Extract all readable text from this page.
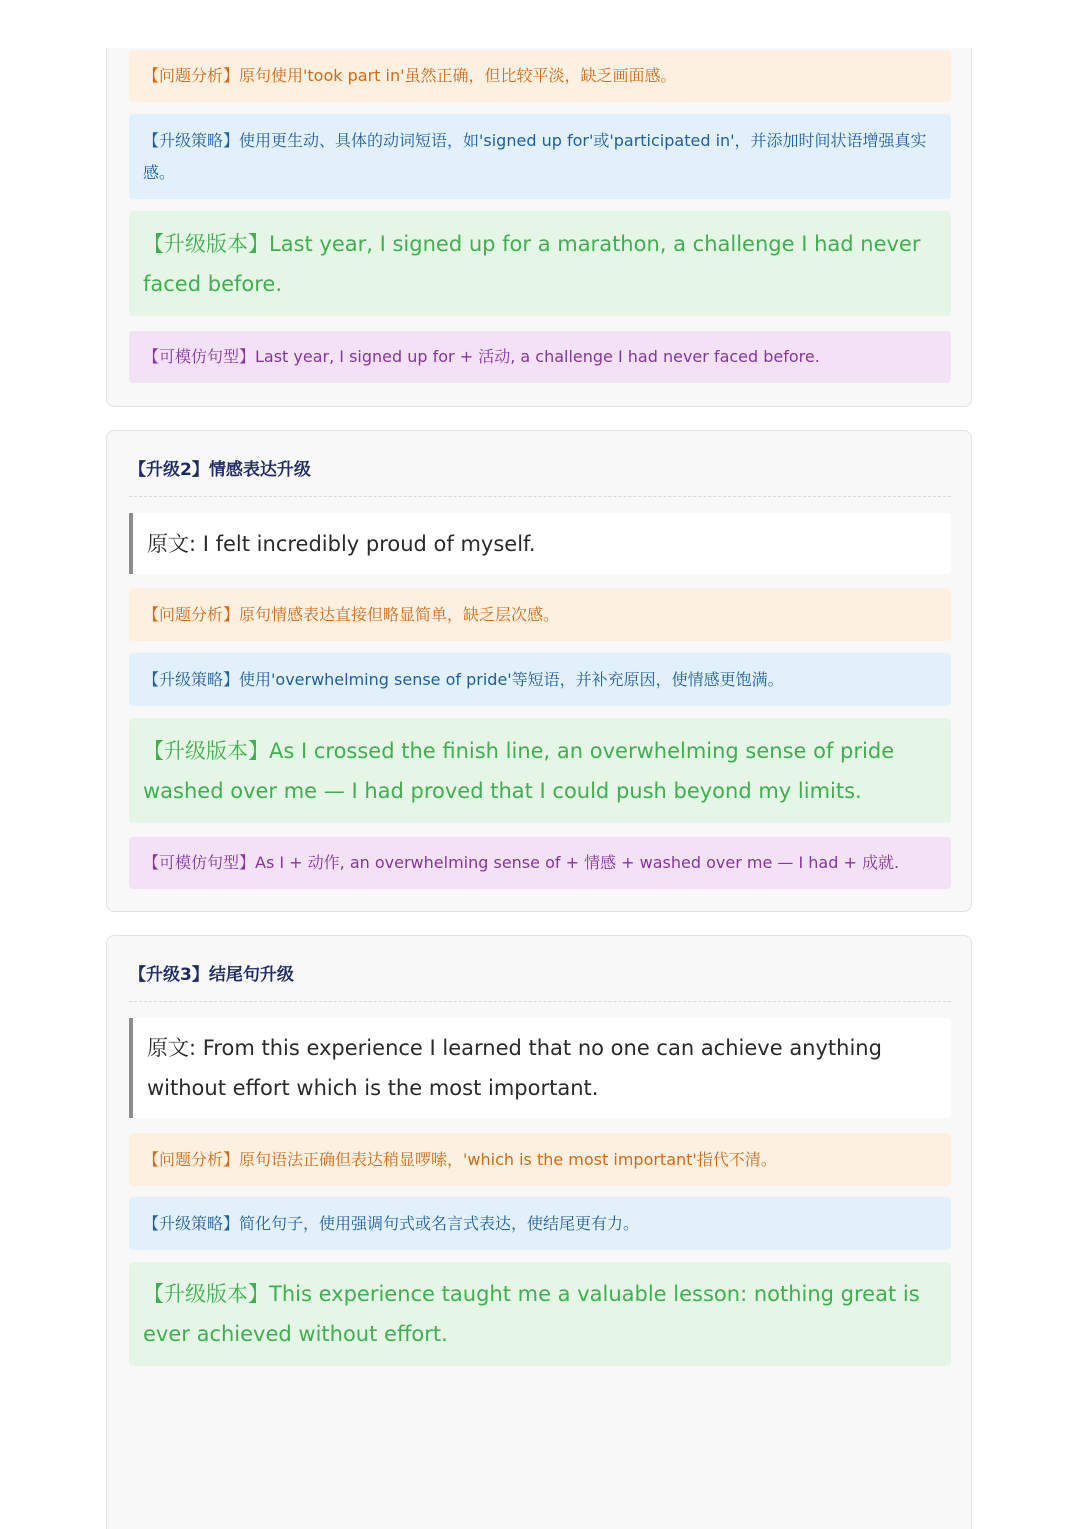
【问题分析】原句使用'took part in'虽然正确，但比较平淡，缺乏画面感。
【升级策略】使用更生动、具体的动词短语，如'signed up for'或'participated in'，并添加时间状语增强真实感。
【升级版本】Last year, I signed up for a marathon, a challenge I had never faced before.
【可模仿句型】Last year, I signed up for + 活动, a challenge I had never faced before.
【升级2】情感表达升级
原文: I felt incredibly proud of myself.
【问题分析】原句情感表达直接但略显简单，缺乏层次感。
【升级策略】使用'overwhelming sense of pride'等短语，并补充原因，使情感更饱满。
【升级版本】As I crossed the finish line, an overwhelming sense of pride washed over me — I had proved that I could push beyond my limits.
【可模仿句型】As I + 动作, an overwhelming sense of + 情感 + washed over me — I had + 成就.
【升级3】结尾句升级
原文: From this experience I learned that no one can achieve anything without effort which is the most important.
【问题分析】原句语法正确但表达稍显啰嗦，'which is the most important'指代不清。
【升级策略】简化句子，使用强调句式或名言式表达，使结尾更有力。
【升级版本】This experience taught me a valuable lesson: nothing great is ever achieved without effort.
